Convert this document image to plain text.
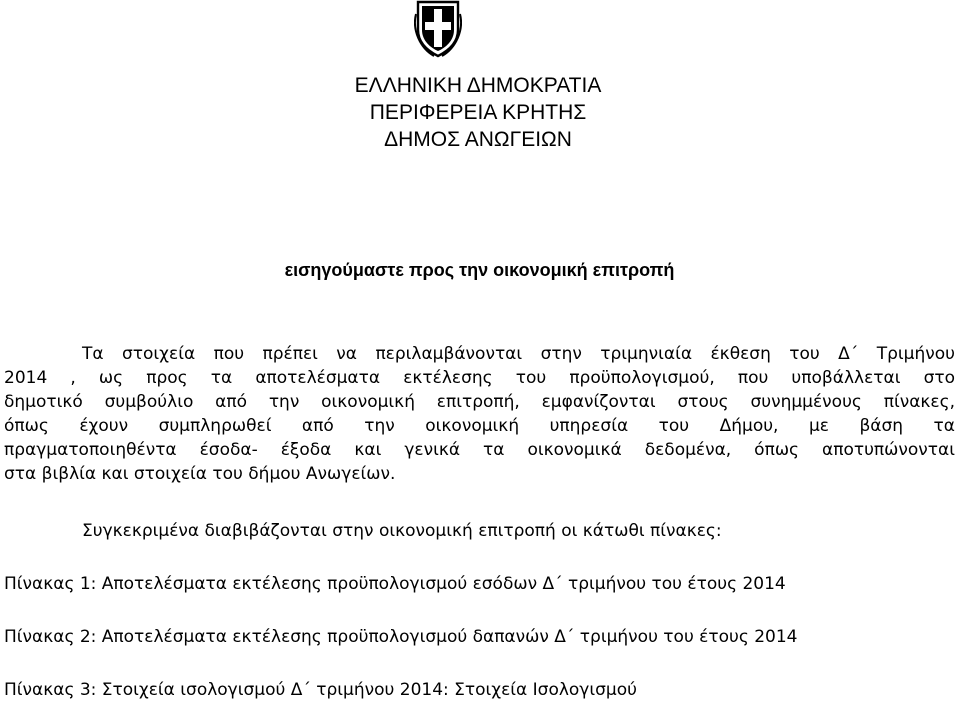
ΕΛΛΗΝΙΚΗ ΔΗΜΟΚΡΑΤΙΑ
ΠΕΡΙΦΕΡΕΙΑ ΚΡΗΤΗΣ
ΔΗΜΟΣ ΑΝΩΓΕΙΩΝ
εισηγούμαστε προς την οικονομική επιτροπή
Τα στοιχεία που πρέπει να περιλαμβάνονται στην τριμηνιαία έκθεση του Δ΄ Τριμήνου
2014 , ως προς τα αποτελέσματα εκτέλεσης του προϋπολογισμού, που υποβάλλεται στο
δημοτικό συμβούλιο από την οικονομική επιτροπή, εμφανίζονται στους συνημμένους πίνακες,
όπως έχουν συμπληρωθεί από την οικονομική υπηρεσία του Δήμου, με βάση τα
πραγματοποιηθέντα έσοδα- έξοδα και γενικά τα οικονομικά δεδομένα, όπως αποτυπώνονται
στα βιβλία και στοιχεία του δήμου Ανωγείων.
Συγκεκριμένα διαβιβάζονται στην οικονομική επιτροπή οι κάτωθι πίνακες:
Πίνακας 1: Αποτελέσματα εκτέλεσης προϋπολογισμού εσόδων Δ΄ τριμήνου του έτους 2014
Πίνακας 2: Αποτελέσματα εκτέλεσης προϋπολογισμού δαπανών Δ΄ τριμήνου του έτους 2014
Πίνακας 3: Στοιχεία ισολογισμού Δ΄ τριμήνου 2014: Στοιχεία Ισολογισμού
